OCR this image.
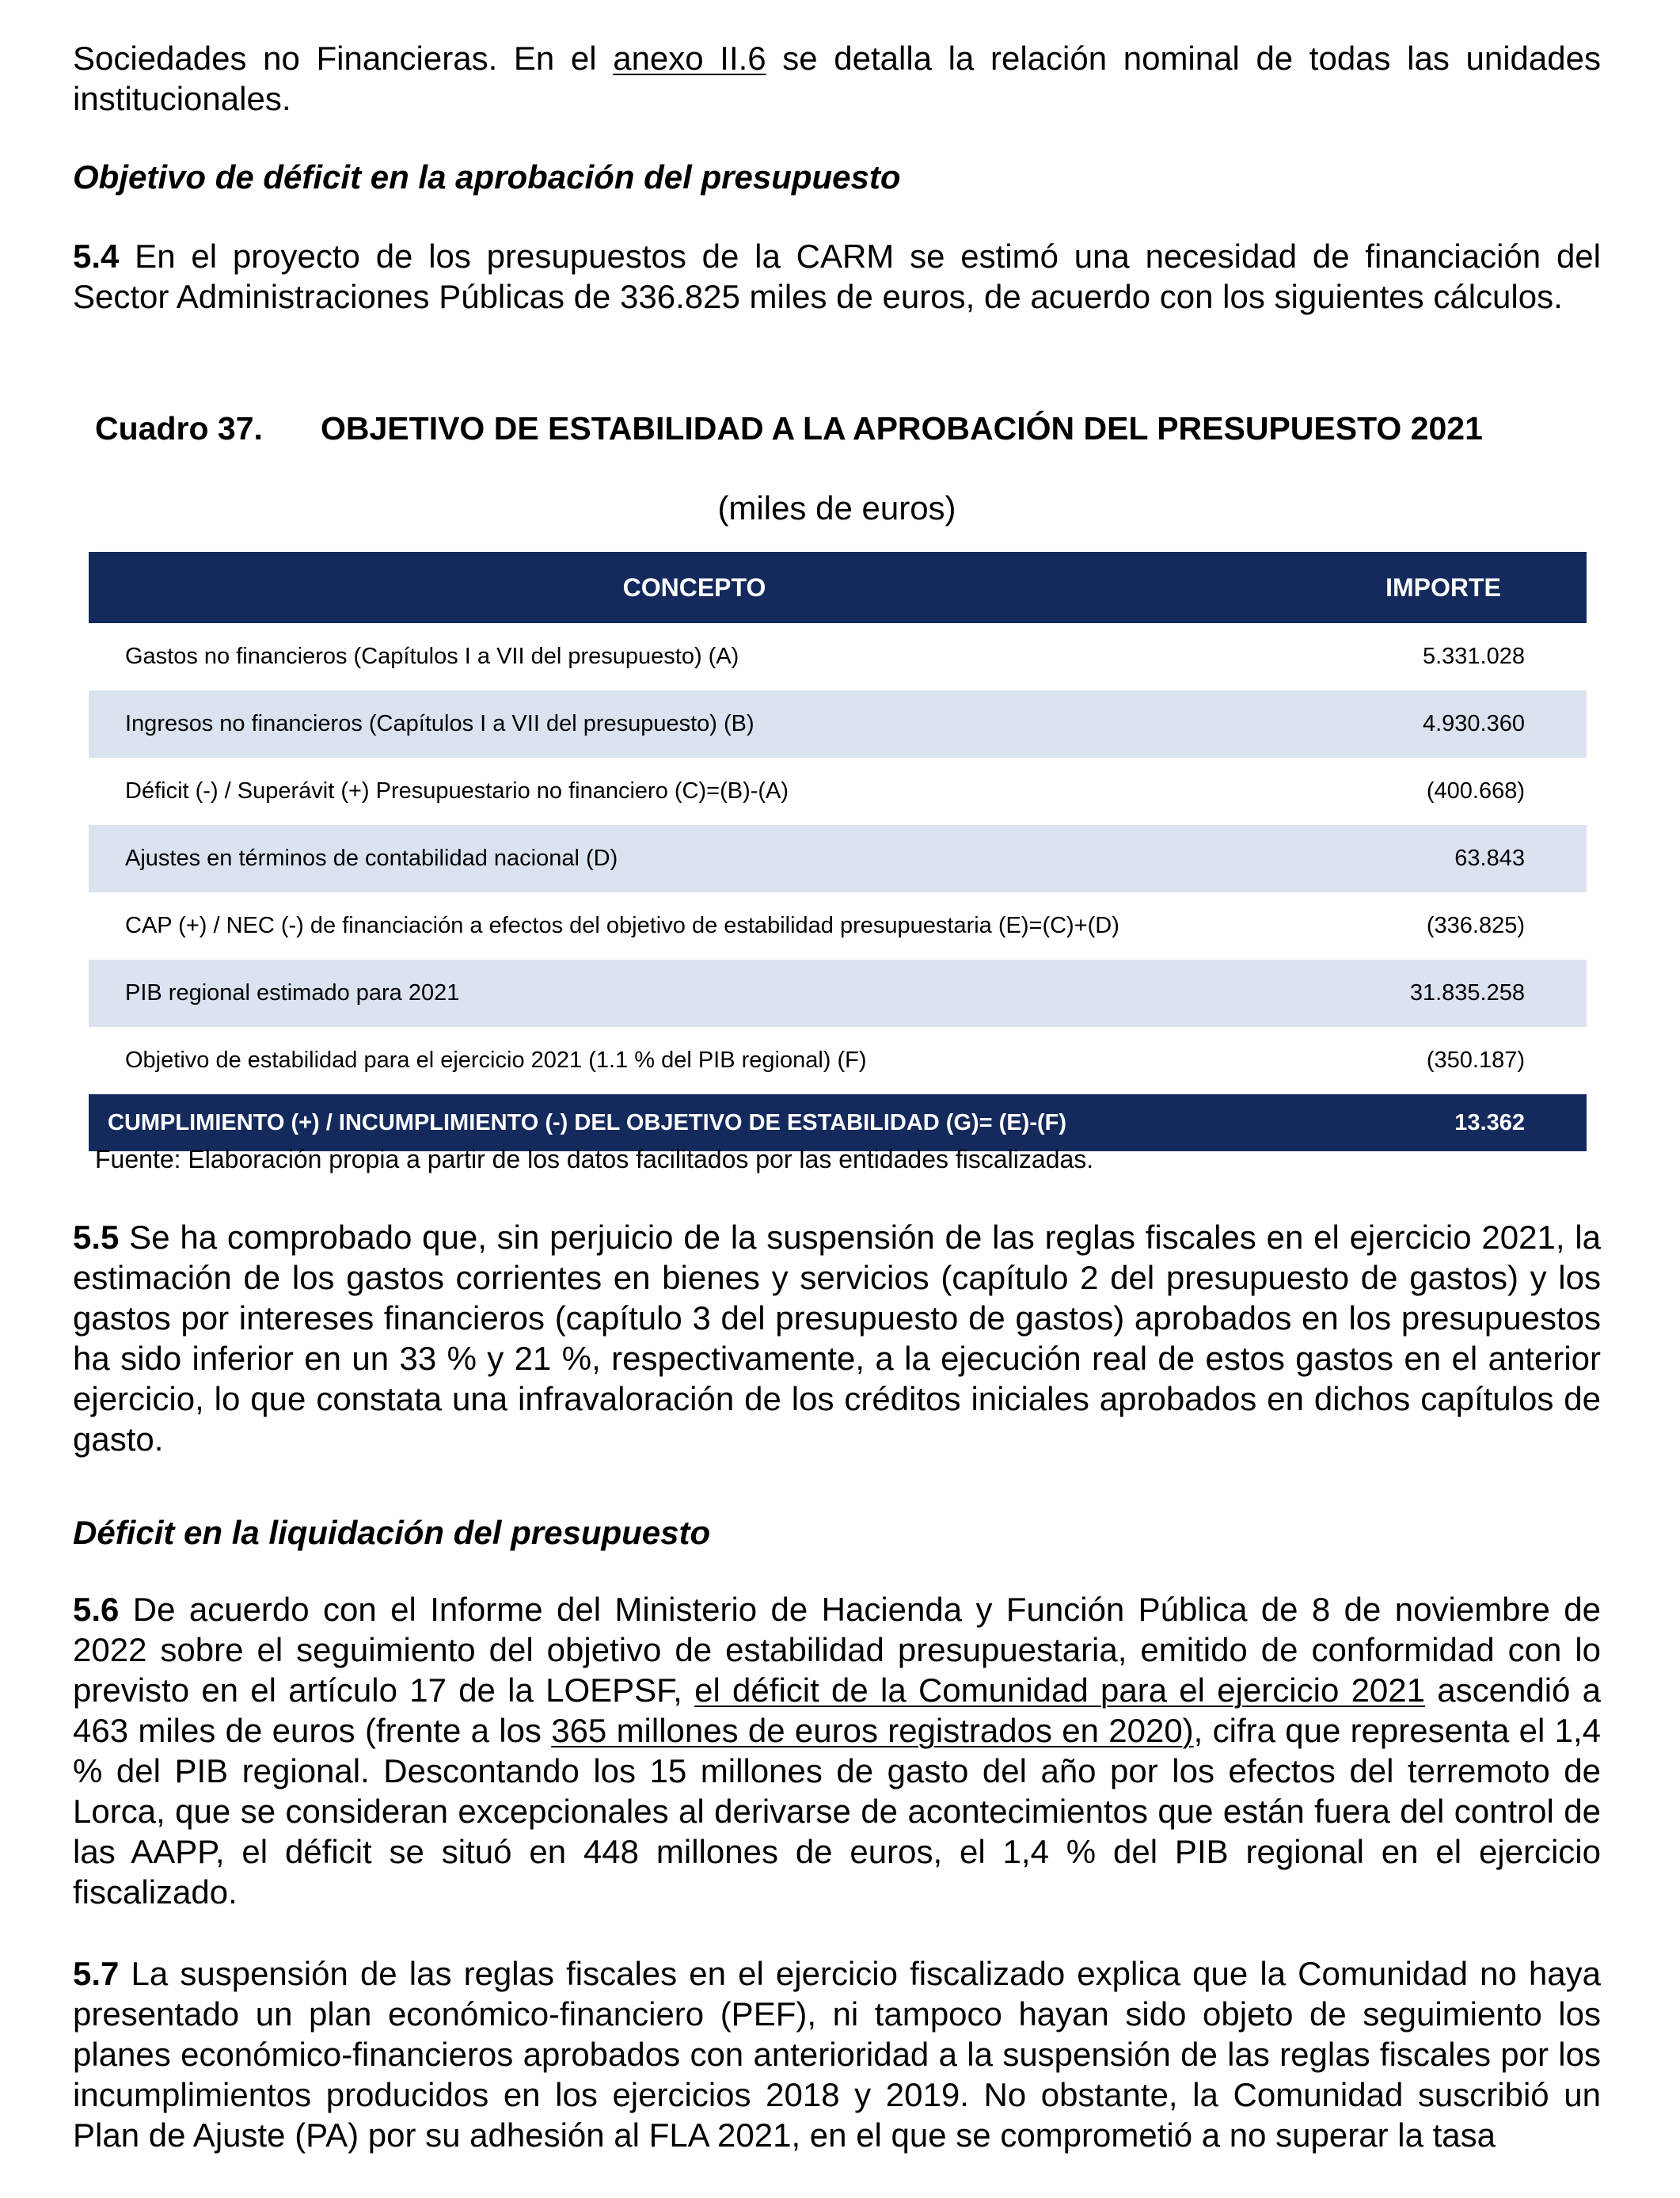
Sociedades no Financieras. En el anexo II.6 se detalla la relación nominal de todas las unidades institucionales.

Objetivo de déficit en la aprobación del presupuesto

5.4 En el proyecto de los presupuestos de la CARM se estimó una necesidad de financiación del Sector Administraciones Públicas de 336.825 miles de euros, de acuerdo con los siguientes cálculos.

Cuadro 37. OBJETIVO DE ESTABILIDAD A LA APROBACIÓN DEL PRESUPUESTO 2021
(miles de euros)
CONCEPTO	IMPORTE
Gastos no financieros (Capítulos I a VII del presupuesto) (A)	5.331.028
Ingresos no financieros (Capítulos I a VII del presupuesto) (B)	4.930.360
Déficit (-) / Superávit (+) Presupuestario no financiero (C)=(B)-(A)	(400.668)
Ajustes en términos de contabilidad nacional (D)	63.843
CAP (+) / NEC (-) de financiación a efectos del objetivo de estabilidad presupuestaria (E)=(C)+(D)	(336.825)
PIB regional estimado para 2021	31.835.258
Objetivo de estabilidad para el ejercicio 2021 (1.1 % del PIB regional) (F)	(350.187)
CUMPLIMIENTO (+) / INCUMPLIMIENTO (-) DEL OBJETIVO DE ESTABILIDAD (G)= (E)-(F)	13.362
Fuente: Elaboración propia a partir de los datos facilitados por las entidades fiscalizadas.

5.5 Se ha comprobado que, sin perjuicio de la suspensión de las reglas fiscales en el ejercicio 2021, la estimación de los gastos corrientes en bienes y servicios (capítulo 2 del presupuesto de gastos) y los gastos por intereses financieros (capítulo 3 del presupuesto de gastos) aprobados en los presupuestos ha sido inferior en un 33 % y 21 %, respectivamente, a la ejecución real de estos gastos en el anterior ejercicio, lo que constata una infravaloración de los créditos iniciales aprobados en dichos capítulos de gasto.

Déficit en la liquidación del presupuesto

5.6 De acuerdo con el Informe del Ministerio de Hacienda y Función Pública de 8 de noviembre de 2022 sobre el seguimiento del objetivo de estabilidad presupuestaria, emitido de conformidad con lo previsto en el artículo 17 de la LOEPSF, el déficit de la Comunidad para el ejercicio 2021 ascendió a 463 miles de euros (frente a los 365 millones de euros registrados en 2020), cifra que representa el 1,4 % del PIB regional. Descontando los 15 millones de gasto del año por los efectos del terremoto de Lorca, que se consideran excepcionales al derivarse de acontecimientos que están fuera del control de las AAPP, el déficit se situó en 448 millones de euros, el 1,4 % del PIB regional en el ejercicio fiscalizado.

5.7 La suspensión de las reglas fiscales en el ejercicio fiscalizado explica que la Comunidad no haya presentado un plan económico-financiero (PEF), ni tampoco hayan sido objeto de seguimiento los planes económico-financieros aprobados con anterioridad a la suspensión de las reglas fiscales por los incumplimientos producidos en los ejercicios 2018 y 2019. No obstante, la Comunidad suscribió un Plan de Ajuste (PA) por su adhesión al FLA 2021, en el que se comprometió a no superar la tasa
